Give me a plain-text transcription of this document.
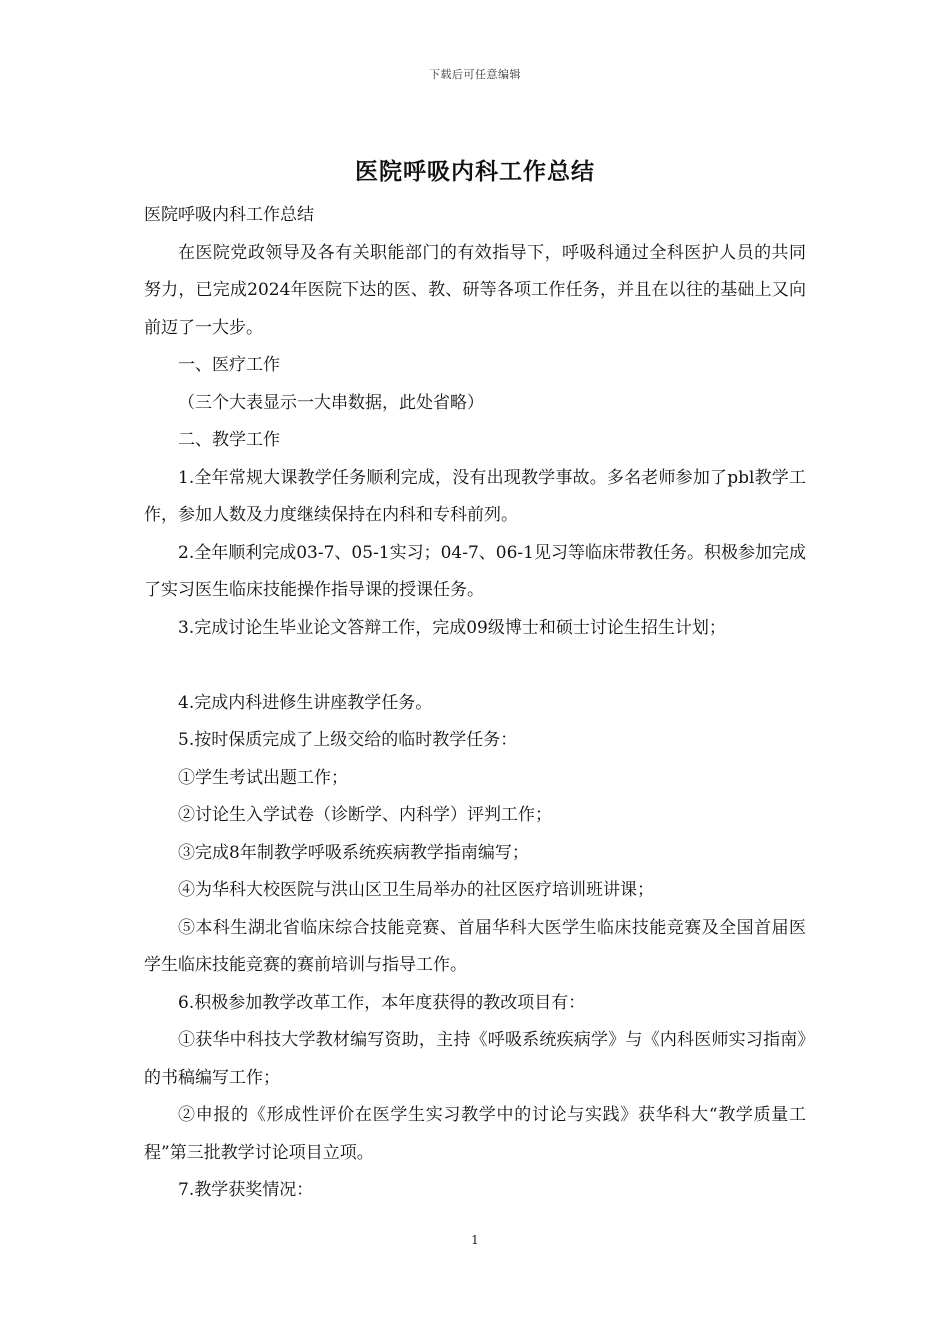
下载后可任意编辑
医院呼吸内科工作总结

医院呼吸内科工作总结

在医院党政领导及各有关职能部门的有效指导下，呼吸科通过全科医护人员的共同努力，已完成2024年医院下达的医、教、研等各项工作任务，并且在以往的基础上又向前迈了一大步。

一、医疗工作

（三个大表显示一大串数据，此处省略）

二、教学工作

1.全年常规大课教学任务顺利完成，没有出现教学事故。多名老师参加了pbl教学工作，参加人数及力度继续保持在内科和专科前列。

2.全年顺利完成03-7、05-1实习；04-7、06-1见习等临床带教任务。积极参加完成了实习医生临床技能操作指导课的授课任务。

3.完成讨论生毕业论文答辩工作，完成09级博士和硕士讨论生招生计划；

4.完成内科进修生讲座教学任务。

5.按时保质完成了上级交给的临时教学任务：

①学生考试出题工作；

②讨论生入学试卷（诊断学、内科学）评判工作；

③完成8年制教学呼吸系统疾病教学指南编写；

④为华科大校医院与洪山区卫生局举办的社区医疗培训班讲课；

⑤本科生湖北省临床综合技能竞赛、首届华科大医学生临床技能竞赛及全国首届医学生临床技能竞赛的赛前培训与指导工作。

6.积极参加教学改革工作，本年度获得的教改项目有：

①获华中科技大学教材编写资助，主持《呼吸系统疾病学》与《内科医师实习指南》的书稿编写工作；

②申报的《形成性评价在医学生实习教学中的讨论与实践》获华科大“教学质量工程”第三批教学讨论项目立项。

7.教学获奖情况：

1
